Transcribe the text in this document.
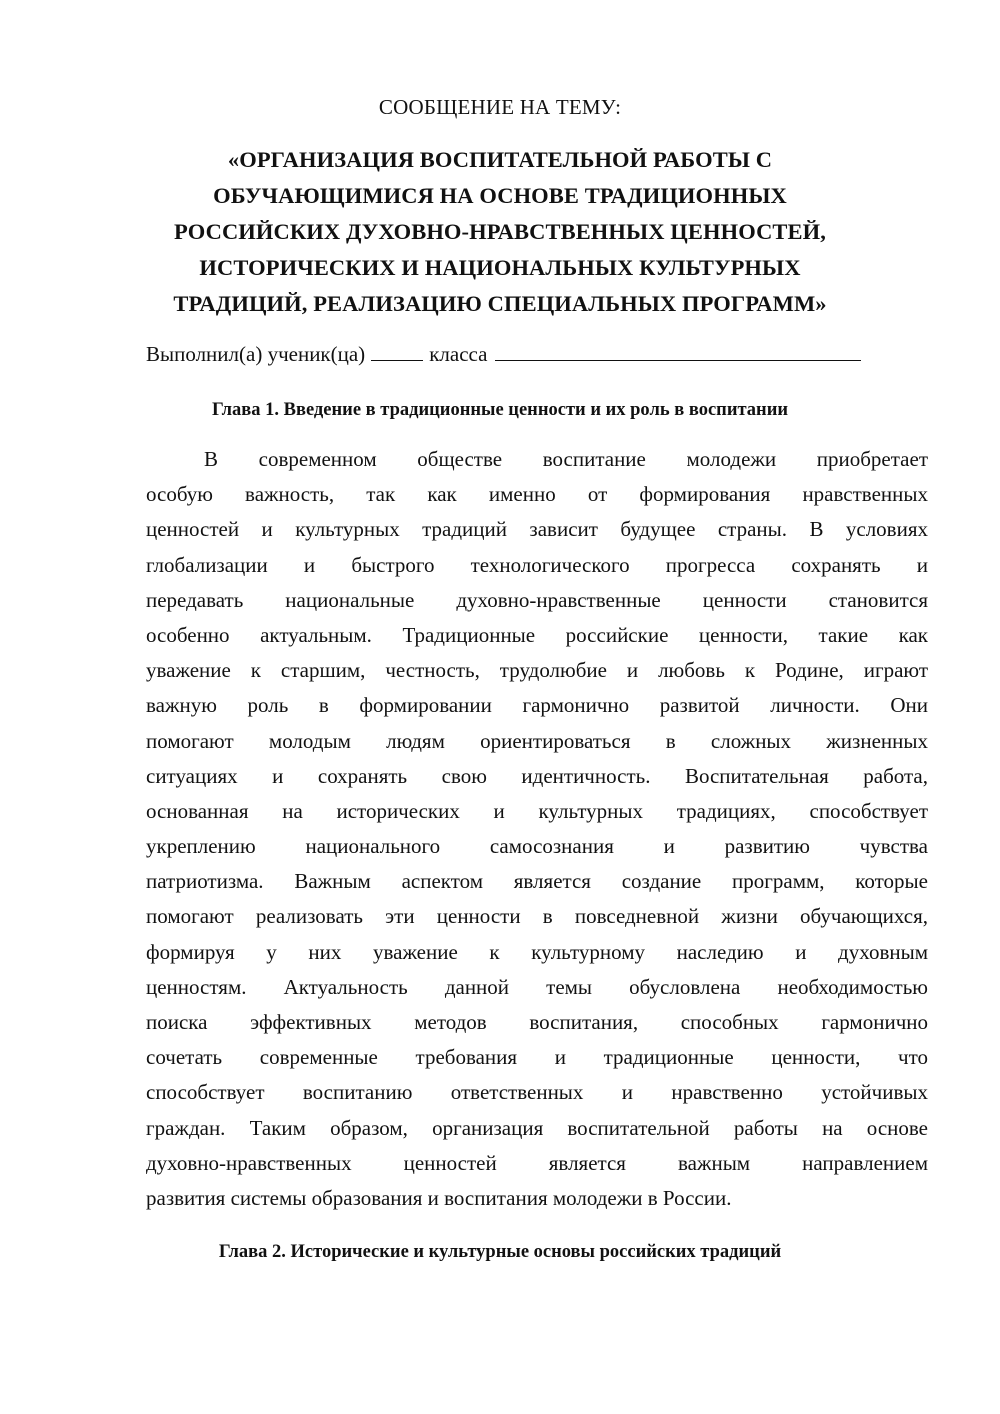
СООБЩЕНИЕ НА ТЕМУ:
«ОРГАНИЗАЦИЯ ВОСПИТАТЕЛЬНОЙ РАБОТЫ С
ОБУЧАЮЩИМИСЯ НА ОСНОВЕ ТРАДИЦИОННЫХ
РОССИЙСКИХ ДУХОВНО-НРАВСТВЕННЫХ ЦЕННОСТЕЙ,
ИСТОРИЧЕСКИХ И НАЦИОНАЛЬНЫХ КУЛЬТУРНЫХ
ТРАДИЦИЙ, РЕАЛИЗАЦИЮ СПЕЦИАЛЬНЫХ ПРОГРАММ»
Выполнил(а) ученик(ца)	класса
Глава 1. Введение в традиционные ценности и их роль в воспитании
В современном обществе воспитание молодежи приобретает
особую важность, так как именно от формирования нравственных
ценностей и культурных традиций зависит будущее страны. В условиях
глобализации и быстрого технологического прогресса сохранять и
передавать национальные духовно-нравственные ценности становится
особенно актуальным. Традиционные российские ценности, такие как
уважение к старшим, честность, трудолюбие и любовь к Родине, играют
важную роль в формировании гармонично развитой личности. Они
помогают молодым людям ориентироваться в сложных жизненных
ситуациях и сохранять свою идентичность. Воспитательная работа,
основанная на исторических и культурных традициях, способствует
укреплению национального самосознания и развитию чувства
патриотизма. Важным аспектом является создание программ, которые
помогают реализовать эти ценности в повседневной жизни обучающихся,
формируя у них уважение к культурному наследию и духовным
ценностям. Актуальность данной темы обусловлена необходимостью
поиска эффективных методов воспитания, способных гармонично
сочетать современные требования и традиционные ценности, что
способствует воспитанию ответственных и нравственно устойчивых
граждан. Таким образом, организация воспитательной работы на основе
духовно-нравственных ценностей является важным направлением
развития системы образования и воспитания молодежи в России.
Глава 2. Исторические и культурные основы российских традиций
